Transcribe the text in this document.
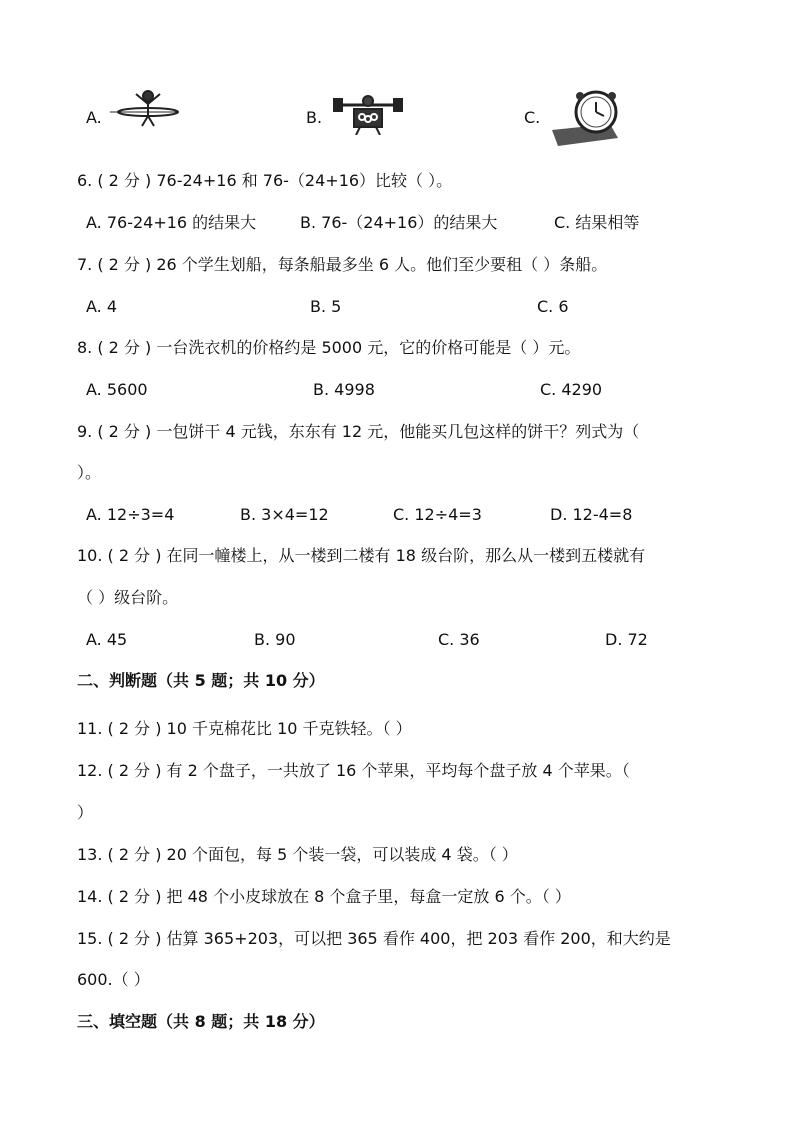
A.	B.	C.
6. ( 2 分 ) 76-24+16 和 76-（24+16）比较（ ）。
A. 76-24+16 的结果大	B. 76-（24+16）的结果大	C. 结果相等
7. ( 2 分 ) 26 个学生划船，每条船最多坐 6 人。他们至少要租（ ）条船。
A. 4	B. 5	C. 6
8. ( 2 分 ) 一台洗衣机的价格约是 5000 元，它的价格可能是（ ）元。
A. 5600	B. 4998	C. 4290
9. ( 2 分 ) 一包饼干 4 元钱，东东有 12 元，他能买几包这样的饼干？列式为（
）。
A. 12÷3=4	B. 3×4=12	C. 12÷4=3	D. 12-4=8
10. ( 2 分 ) 在同一幢楼上，从一楼到二楼有 18 级台阶，那么从一楼到五楼就有
（ ）级台阶。
A. 45	B. 90	C. 36	D. 72
二、判断题（共 5 题；共 10 分）
11. ( 2 分 ) 10 千克棉花比 10 千克铁轻。（ ）
12. ( 2 分 ) 有 2 个盘子，一共放了 16 个苹果，平均每个盘子放 4 个苹果。（
）
13. ( 2 分 ) 20 个面包，每 5 个装一袋，可以装成 4 袋。（ ）
14. ( 2 分 ) 把 48 个小皮球放在 8 个盒子里，每盒一定放 6 个。（ ）
15. ( 2 分 ) 估算 365+203，可以把 365 看作 400，把 203 看作 200，和大约是
600.（ ）
三、填空题（共 8 题；共 18 分）
